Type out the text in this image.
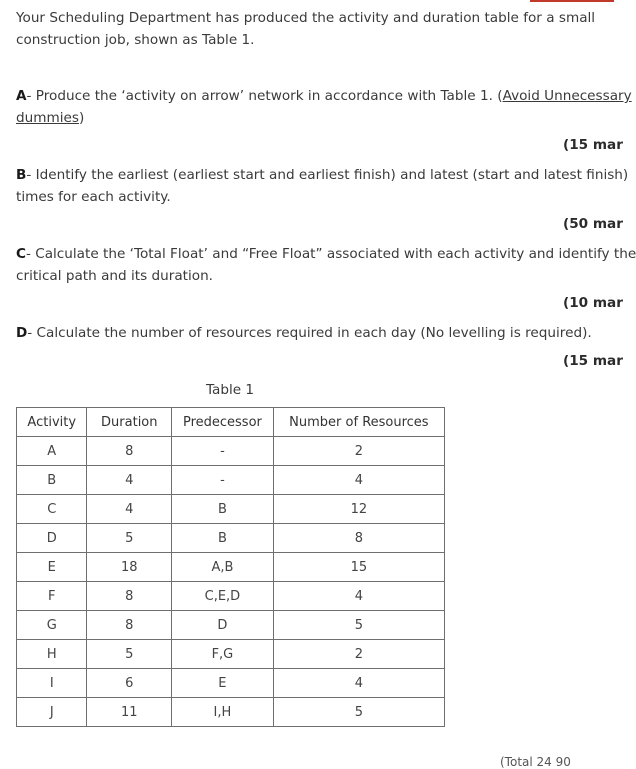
Your Scheduling Department has produced the activity and duration table for a small
construction job, shown as Table 1.

A- Produce the ‘activity on arrow’ network in accordance with Table 1. (Avoid Unnecessary
dummies)

(15 mar

B- Identify the earliest (earliest start and earliest finish) and latest (start and latest finish)
times for each activity.

(50 mar

C- Calculate the ‘Total Float’ and “Free Float” associated with each activity and identify the
critical path and its duration.

(10 mar

D- Calculate the number of resources required in each day (No levelling is required).

(15 mar
Table 1
Activity	Duration	Predecessor	Number of Resources
A	8	-	2
B	4	-	4
C	4	B	12
D	5	B	8
E	18	A,B	15
F	8	C,E,D	4
G	8	D	5
H	5	F,G	2
I	6	E	4
J	11	I,H	5
(Total 24 90
